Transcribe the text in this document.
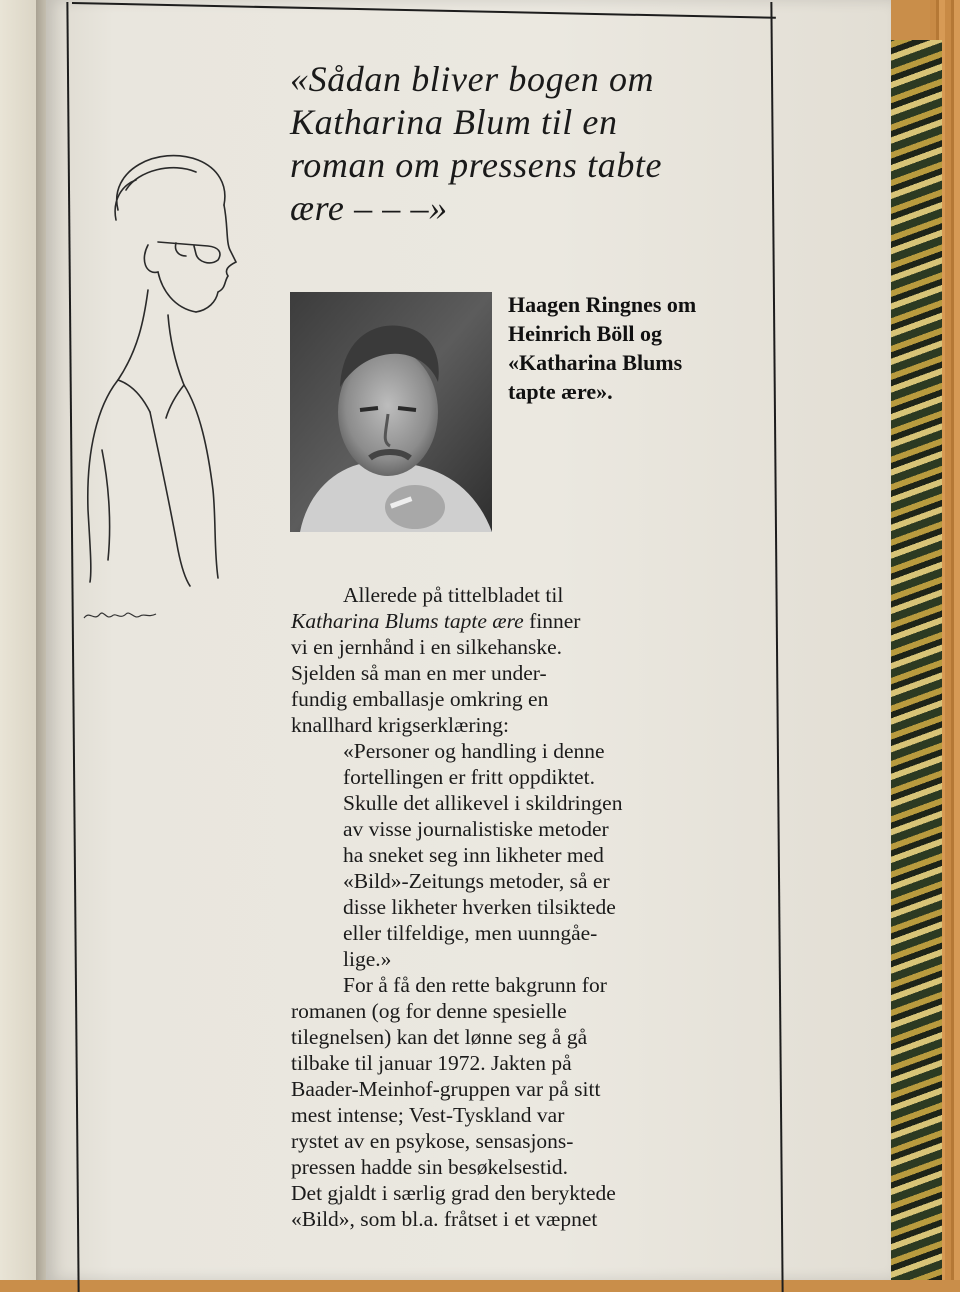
«Sådan bliver bogen om
Katharina Blum til en
roman om pressens tabte
ære – – –»
Haagen Ringnes om
Heinrich Böll og
«Katharina Blums
tapte ære».
Allerede på tittelbladet til
Katharina Blums tapte ære finner
vi en jernhånd i en silkehanske.
Sjelden så man en mer under-
fundig emballasje omkring en
knallhard krigserklæring:
«Personer og handling i denne
fortellingen er fritt oppdiktet.
Skulle det allikevel i skildringen
av visse journalistiske metoder
ha sneket seg inn likheter med
«Bild»-Zeitungs metoder, så er
disse likheter hverken tilsiktede
eller tilfeldige, men uunngåe-
lige.»
For å få den rette bakgrunn for
romanen (og for denne spesielle
tilegnelsen) kan det lønne seg å gå
tilbake til januar 1972. Jakten på
Baader-Meinhof-gruppen var på sitt
mest intense; Vest-Tyskland var
rystet av en psykose, sensasjons-
pressen hadde sin besøkelsestid.
Det gjaldt i særlig grad den beryktede
«Bild», som bl.a. fråtset i et væpnet
